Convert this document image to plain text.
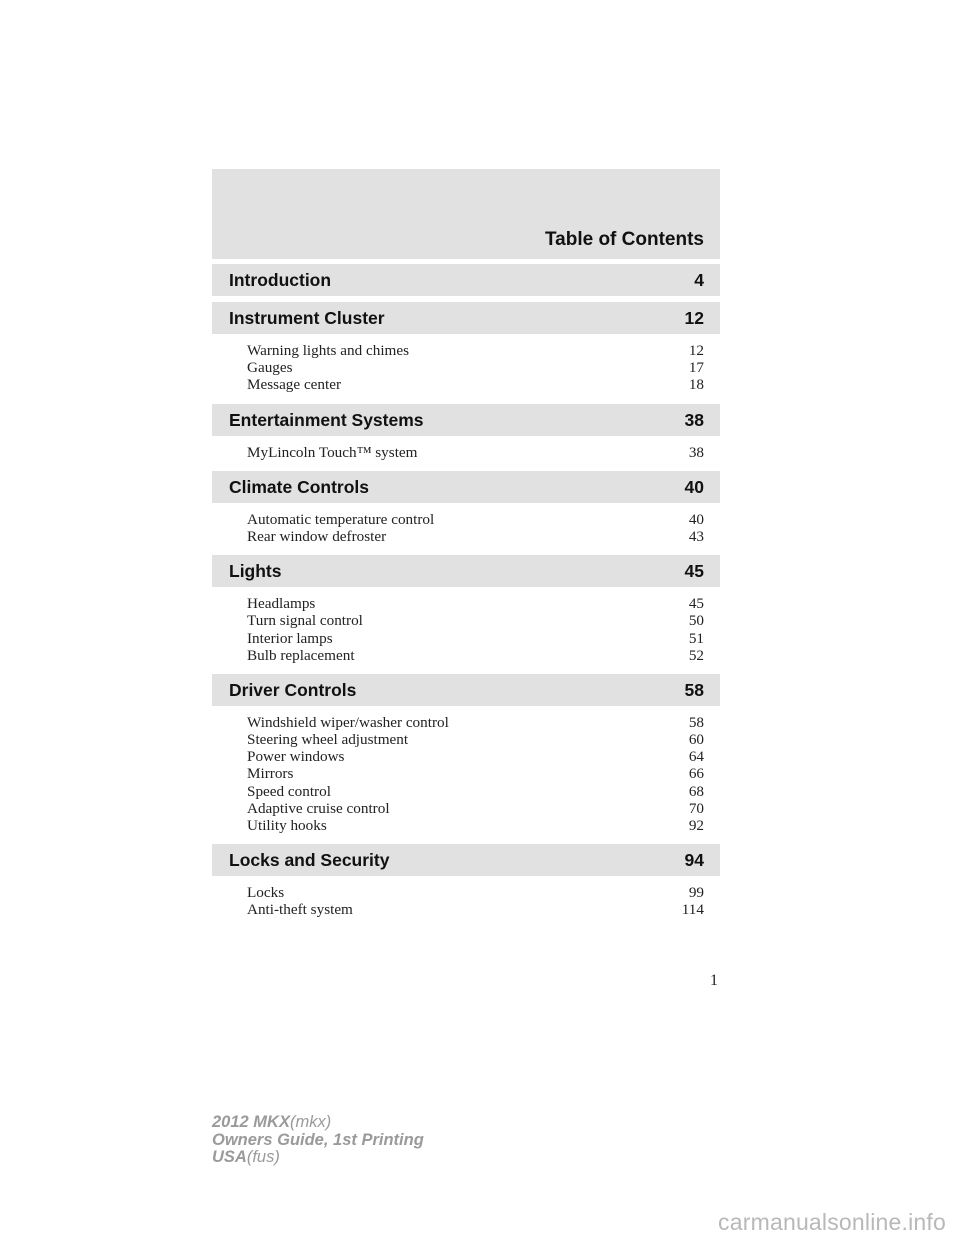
Table of Contents
Introduction	4
Instrument Cluster	12
Warning lights and chimes	12
Gauges	17
Message center	18
Entertainment Systems	38
MyLincoln Touch™ system	38
Climate Controls	40
Automatic temperature control	40
Rear window defroster	43
Lights	45
Headlamps	45
Turn signal control	50
Interior lamps	51
Bulb replacement	52
Driver Controls	58
Windshield wiper/washer control	58
Steering wheel adjustment	60
Power windows	64
Mirrors	66
Speed control	68
Adaptive cruise control	70
Utility hooks	92
Locks and Security	94
Locks	99
Anti-theft system	114
1
2012 MKX(mkx)
Owners Guide, 1st Printing
USA(fus)
carmanualsonline.info
